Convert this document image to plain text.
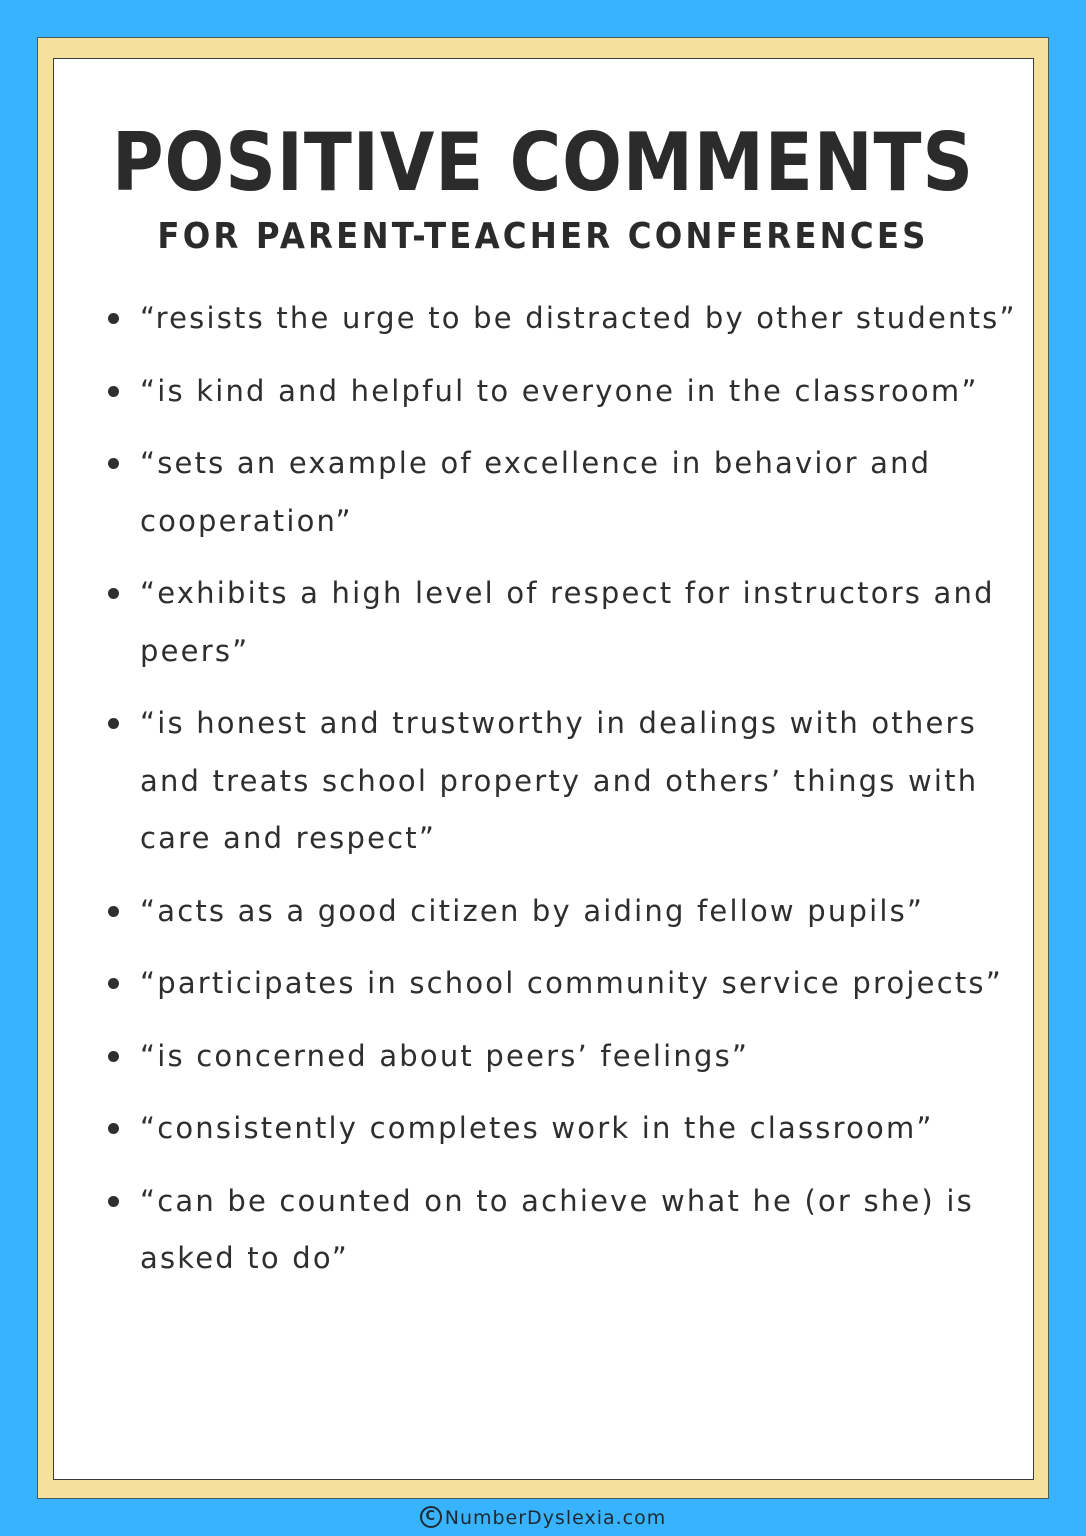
POSITIVE COMMENTS
FOR PARENT-TEACHER CONFERENCES
“resists the urge to be distracted by other students”
“is kind and helpful to everyone in the classroom”
“sets an example of excellence in behavior and cooperation”
“exhibits a high level of respect for instructors and peers”
“is honest and trustworthy in dealings with others and treats school property and others’ things with care and respect”
“acts as a good citizen by aiding fellow pupils”
“participates in school community service projects”
“is concerned about peers’ feelings”
“consistently completes work in the classroom”
“can be counted on to achieve what he (or she) is asked to do”
C NumberDyslexia.com
